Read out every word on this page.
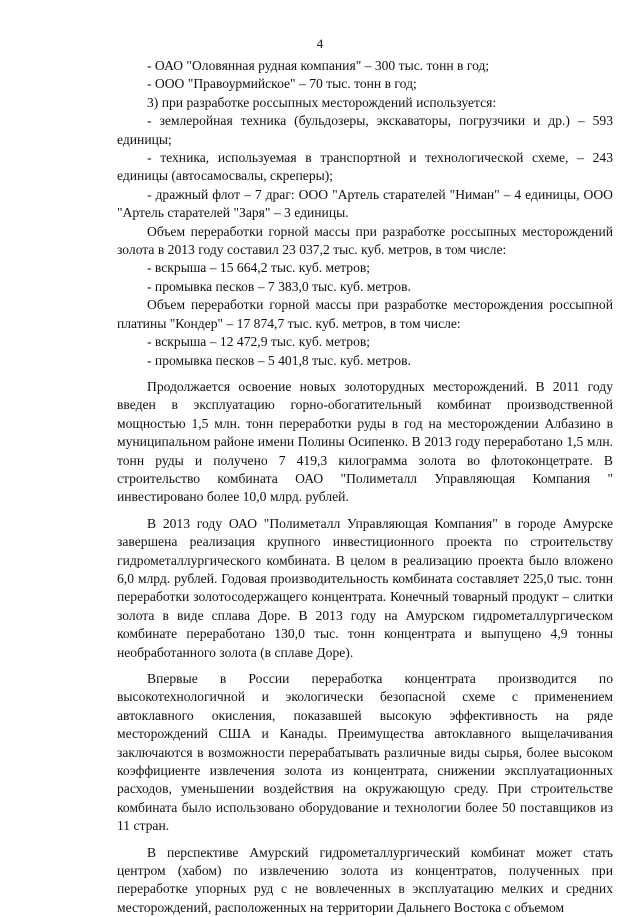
4

- ОАО "Оловянная рудная компания" – 300 тыс. тонн в год;

- ООО "Правоурмийское" – 70 тыс. тонн в год;

3) при разработке россыпных месторождений используется:

- землеройная техника (бульдозеры, экскаваторы, погрузчики и др.) – 593 единицы;

- техника, используемая в транспортной и технологической схеме, – 243 единицы (автосамосвалы, скреперы);

- дражный флот – 7 драг: ООО "Артель старателей "Ниман" – 4 единицы, ООО "Артель старателей "Заря" – 3 единицы.

Объем переработки горной массы при разработке россыпных месторождений золота в 2013 году составил 23 037,2 тыс. куб. метров, в том числе:

- вскрыша – 15 664,2 тыс. куб. метров;

- промывка песков – 7 383,0 тыс. куб. метров.

Объем переработки горной массы при разработке месторождения россыпной платины "Кондер" – 17 874,7 тыс. куб. метров, в том числе:

- вскрыша – 12 472,9 тыс. куб. метров;

- промывка песков – 5 401,8 тыс. куб. метров.

Продолжается освоение новых золоторудных месторождений. В 2011 году введен в эксплуатацию горно-обогатительный комбинат производственной мощностью 1,5 млн. тонн переработки руды в год на месторождении Албазино в муниципальном районе имени Полины Осипенко. В 2013 году переработано 1,5 млн. тонн руды и получено 7 419,3 килограмма золота во флотоконцетрате. В строительство комбината ОАО "Полиметалл Управляющая Компания " инвестировано более 10,0 млрд. рублей.

В 2013 году ОАО "Полиметалл Управляющая Компания" в городе Амурске завершена реализация крупного инвестиционного проекта по строительству гидрометаллургического комбината. В целом в реализацию проекта было вложено 6,0 млрд. рублей. Годовая производительность комбината составляет 225,0 тыс. тонн переработки золотосодержащего концентрата. Конечный товарный продукт – слитки золота в виде сплава Доре. В 2013 году на Амурском гидрометаллургическом комбинате переработано 130,0 тыс. тонн концентрата и выпущено 4,9 тонны необработанного золота (в сплаве Доре).

Впервые в России переработка концентрата производится по высокотехнологичной и экологически безопасной схеме с применением автоклавного окисления, показавшей высокую эффективность на ряде месторождений США и Канады. Преимущества автоклавного выщелачивания заключаются в возможности перерабатывать различные виды сырья, более высоком коэффициенте извлечения золота из концентрата, снижении эксплуатационных расходов, уменьшении воздействия на окружающую среду. При строительстве комбината было использовано оборудование и технологии более 50 поставщиков из 11 стран.

В перспективе Амурский гидрометаллургический комбинат может стать центром (хабом) по извлечению золота из концентратов, полученных при переработке упорных руд с не вовлеченных в эксплуатацию мелких и средних месторождений, расположенных на территории Дальнего Востока с объемом
